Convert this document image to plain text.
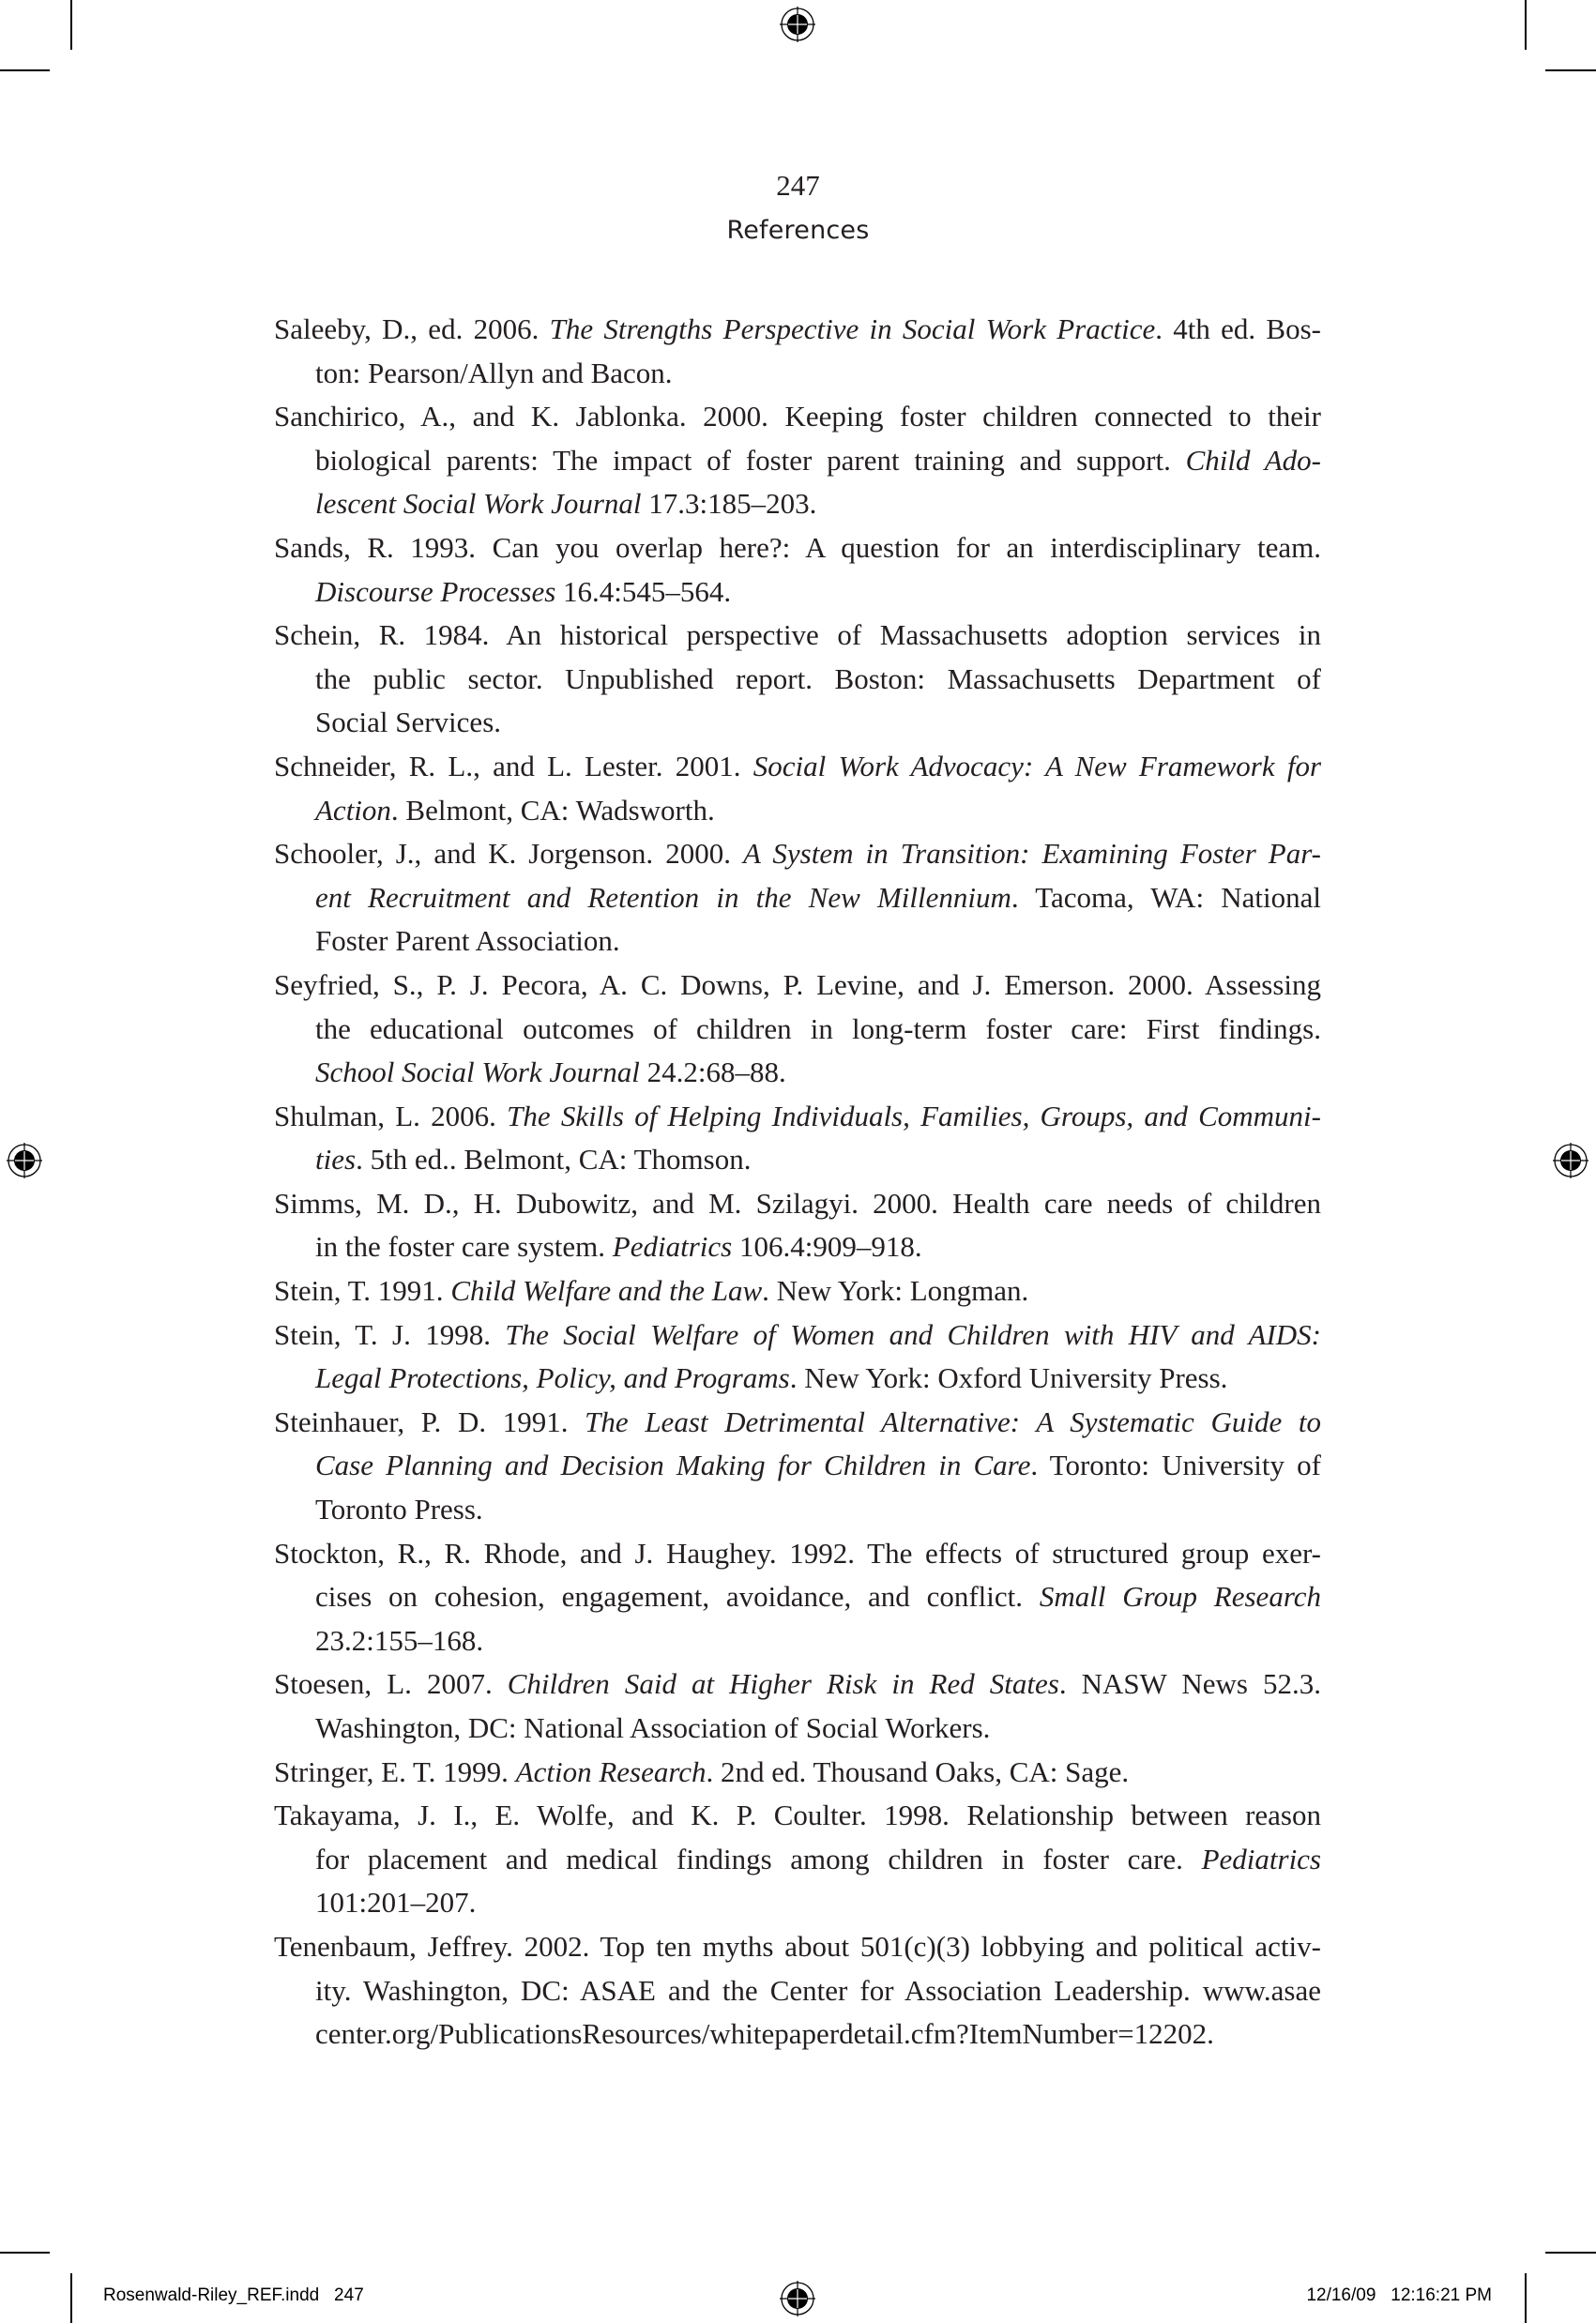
247
References
Saleeby, D., ed. 2006. The Strengths Perspective in Social Work Practice. 4th ed. Bos-
ton: Pearson/Allyn and Bacon.
Sanchirico, A., and K. Jablonka. 2000. Keeping foster children connected to their
biological parents: The impact of foster parent training and support. Child Ado-
lescent Social Work Journal 17.3:185–203.
Sands, R. 1993. Can you overlap here?: A question for an interdisciplinary team.
Discourse Processes 16.4:545–564.
Schein, R. 1984. An historical perspective of Massachusetts adoption services in
the public sector. Unpublished report. Boston: Massachusetts Department of
Social Services.
Schneider, R. L., and L. Lester. 2001. Social Work Advocacy: A New Framework for
Action. Belmont, CA: Wadsworth.
Schooler, J., and K. Jorgenson. 2000. A System in Transition: Examining Foster Par-
ent Recruitment and Retention in the New Millennium. Tacoma, WA: National
Foster Parent Association.
Seyfried, S., P. J. Pecora, A. C. Downs, P. Levine, and J. Emerson. 2000. Assessing
the educational outcomes of children in long-term foster care: First findings.
School Social Work Journal 24.2:68–88.
Shulman, L. 2006. The Skills of Helping Individuals, Families, Groups, and Communi-
ties. 5th ed.. Belmont, CA: Thomson.
Simms, M. D., H. Dubowitz, and M. Szilagyi. 2000. Health care needs of children
in the foster care system. Pediatrics 106.4:909–918.
Stein, T. 1991. Child Welfare and the Law. New York: Longman.
Stein, T. J. 1998. The Social Welfare of Women and Children with HIV and AIDS:
Legal Protections, Policy, and Programs. New York: Oxford University Press.
Steinhauer, P. D. 1991. The Least Detrimental Alternative: A Systematic Guide to
Case Planning and Decision Making for Children in Care. Toronto: University of
Toronto Press.
Stockton, R., R. Rhode, and J. Haughey. 1992. The effects of structured group exer-
cises on cohesion, engagement, avoidance, and conflict. Small Group Research
23.2:155–168.
Stoesen, L. 2007. Children Said at Higher Risk in Red States. NASW News 52.3.
Washington, DC: National Association of Social Workers.
Stringer, E. T. 1999. Action Research. 2nd ed. Thousand Oaks, CA: Sage.
Takayama, J. I., E. Wolfe, and K. P. Coulter. 1998. Relationship between reason
for placement and medical findings among children in foster care. Pediatrics
101:201–207.
Tenenbaum, Jeffrey. 2002. Top ten myths about 501(c)(3) lobbying and political activ-
ity. Washington, DC: ASAE and the Center for Association Leadership. www.asae
center.org/PublicationsResources/whitepaperdetail.cfm?ItemNumber=12202.
Rosenwald-Riley_REF.indd   247	12/16/09   12:16:21 PM
